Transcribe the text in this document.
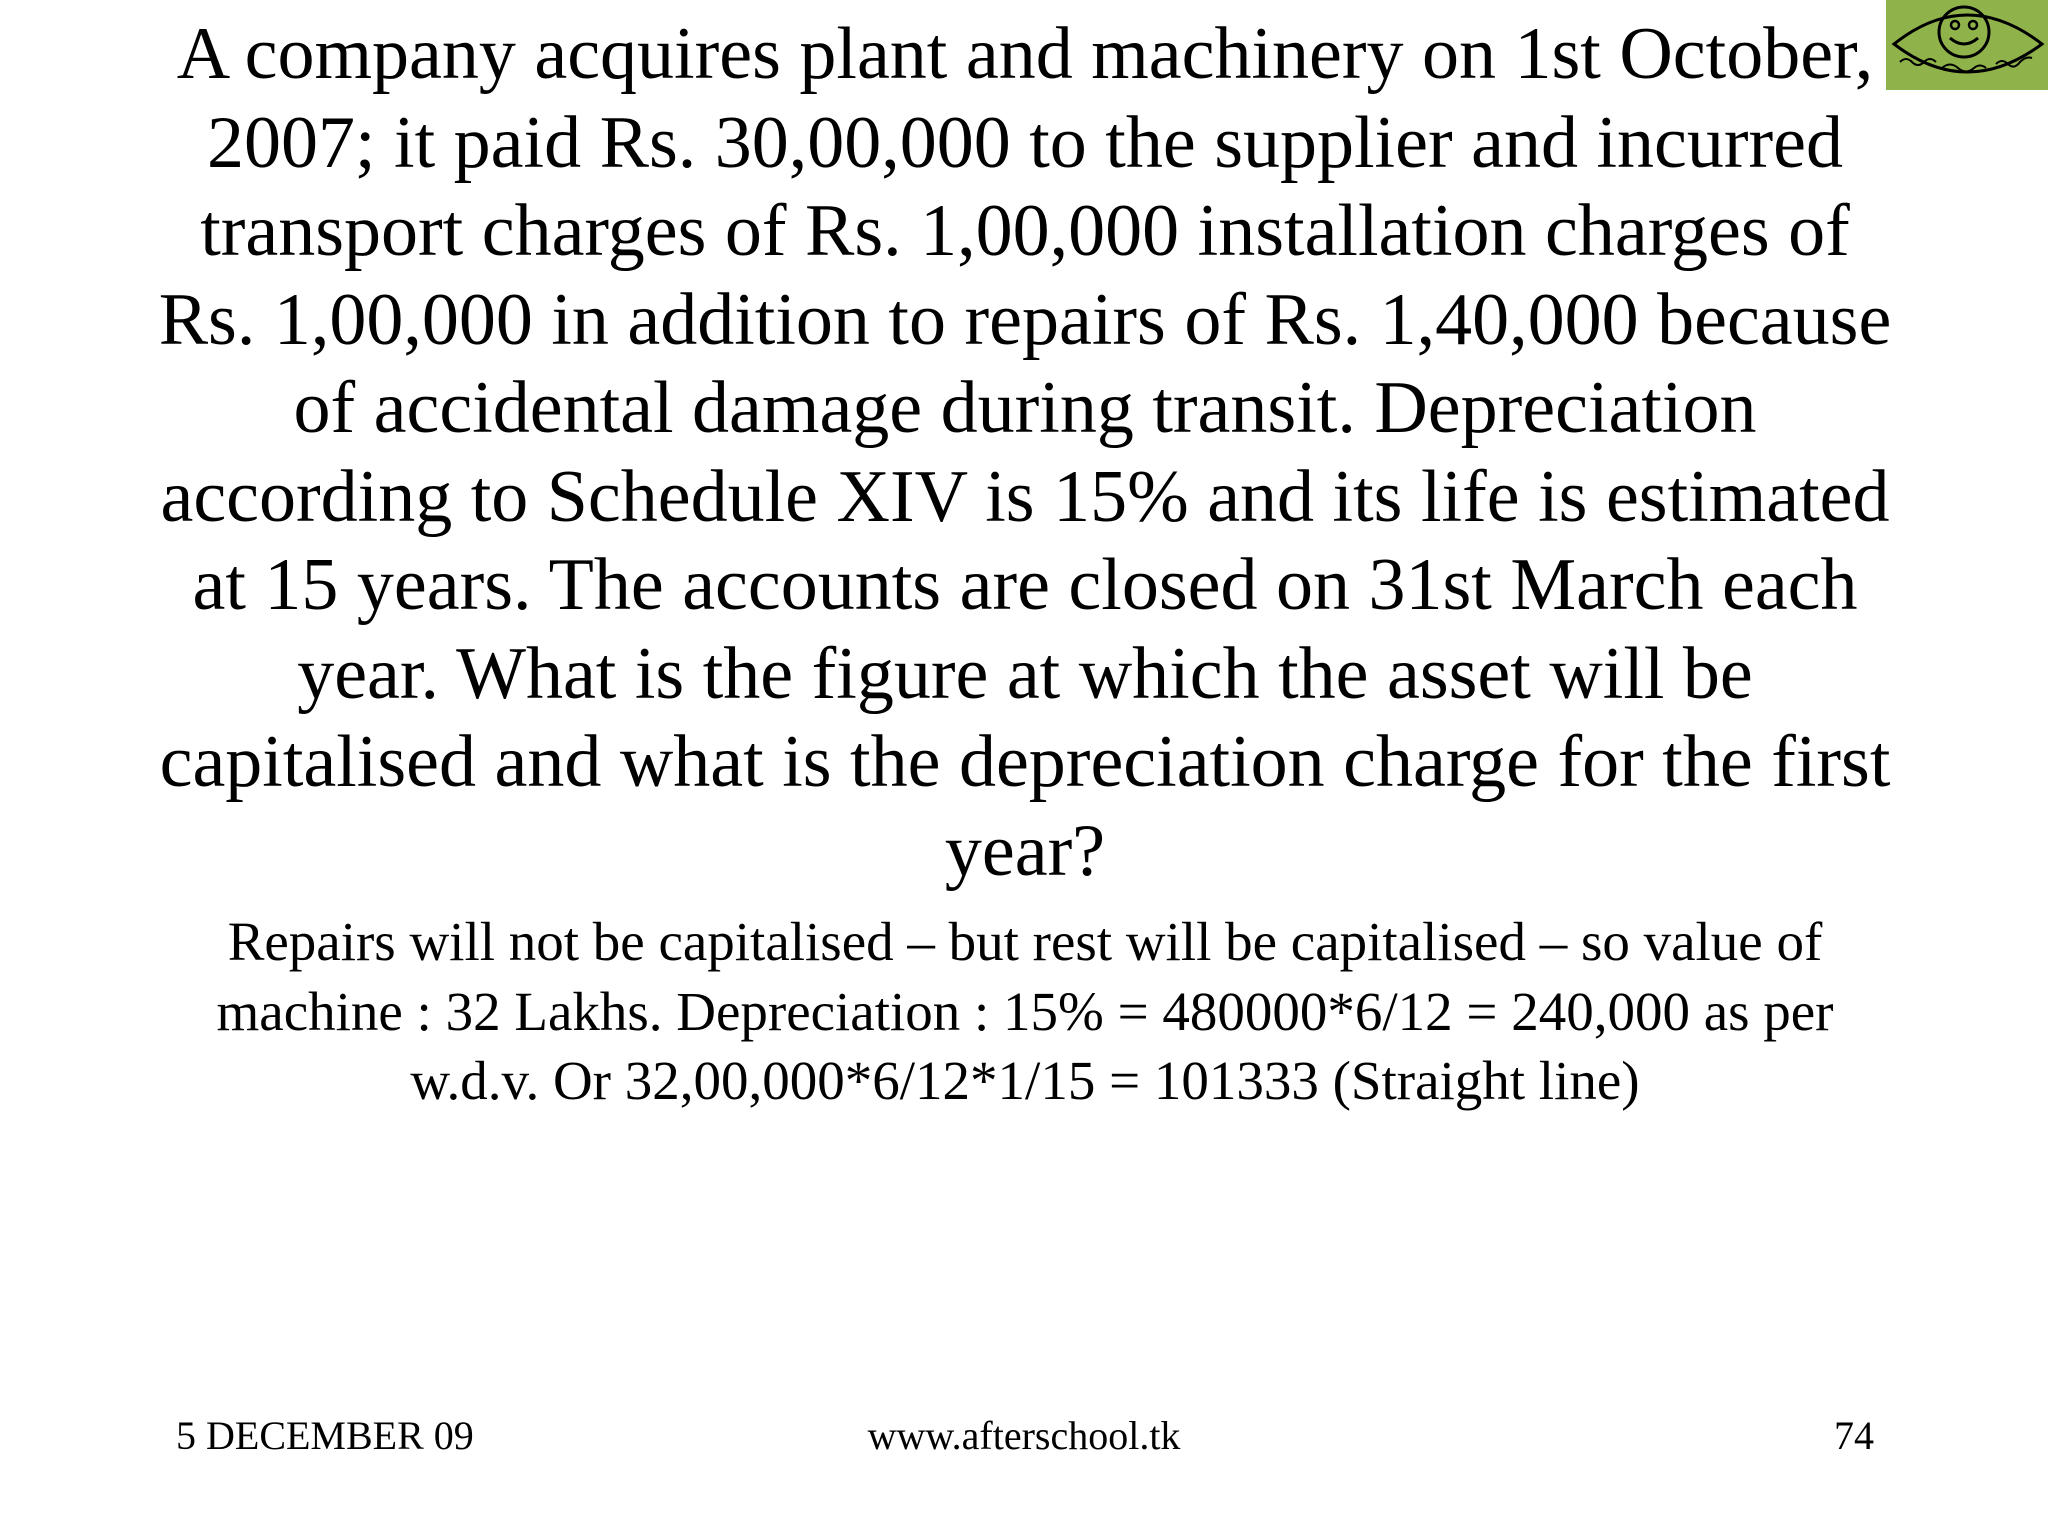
A company acquires plant and machinery on 1st October, 2007; it paid Rs. 30,00,000 to the supplier and incurred transport charges of Rs. 1,00,000 installation charges of Rs. 1,00,000 in addition to repairs of Rs. 1,40,000 because of accidental damage during transit. Depreciation according to Schedule XIV is 15% and its life is estimated at 15 years. The accounts are closed on 31st March each year. What is the figure at which the asset will be capitalised and what is the depreciation charge for the first year?

Repairs will not be capitalised – but rest will be capitalised – so value of machine : 32 Lakhs. Depreciation : 15% = 480000*6/12 = 240,000 as per w.d.v. Or 32,00,000*6/12*1/15 = 101333 (Straight line)

5 DECEMBER 09	www.afterschool.tk	74
